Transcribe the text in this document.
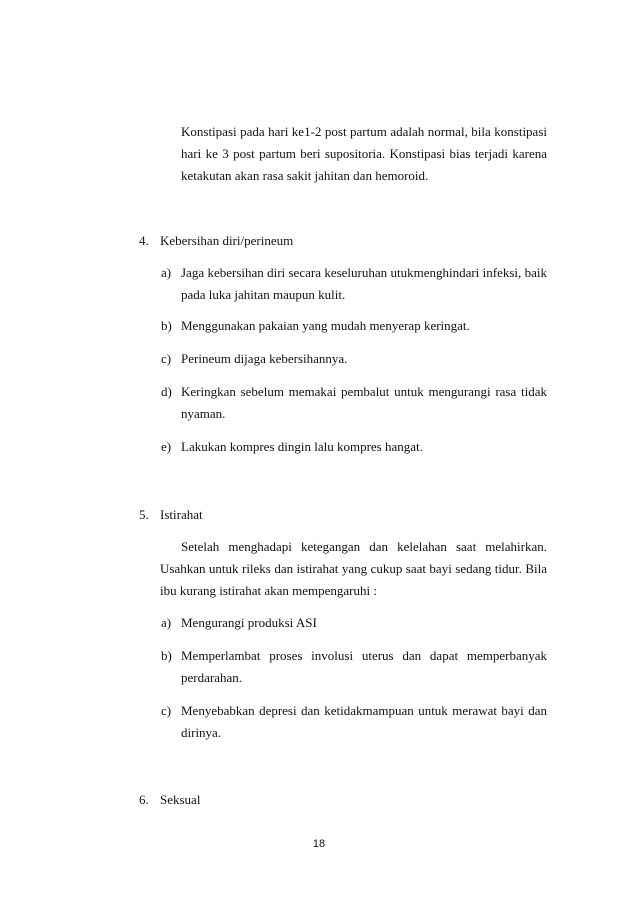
Konstipasi pada hari ke1-2 post partum adalah normal, bila konstipasi
hari ke 3 post partum beri supositoria. Konstipasi bias terjadi karena
ketakutan akan rasa sakit jahitan dan hemoroid.
4. Kebersihan diri/perineum
a) Jaga kebersihan diri secara keseluruhan utukmenghindari infeksi, baik
pada luka jahitan maupun kulit.
b) Menggunakan pakaian yang mudah menyerap keringat.
c) Perineum dijaga kebersihannya.
d) Keringkan sebelum memakai pembalut untuk mengurangi rasa tidak
nyaman.
e) Lakukan kompres dingin lalu kompres hangat.
5. Istirahat
Setelah menghadapi ketegangan dan kelelahan saat melahirkan.
Usahkan untuk rileks dan istirahat yang cukup saat bayi sedang tidur. Bila
ibu kurang istirahat akan mempengaruhi :
a) Mengurangi produksi ASI
b) Memperlambat proses involusi uterus dan dapat memperbanyak
perdarahan.
c) Menyebabkan depresi dan ketidakmampuan untuk merawat bayi dan
dirinya.
6. Seksual
18
